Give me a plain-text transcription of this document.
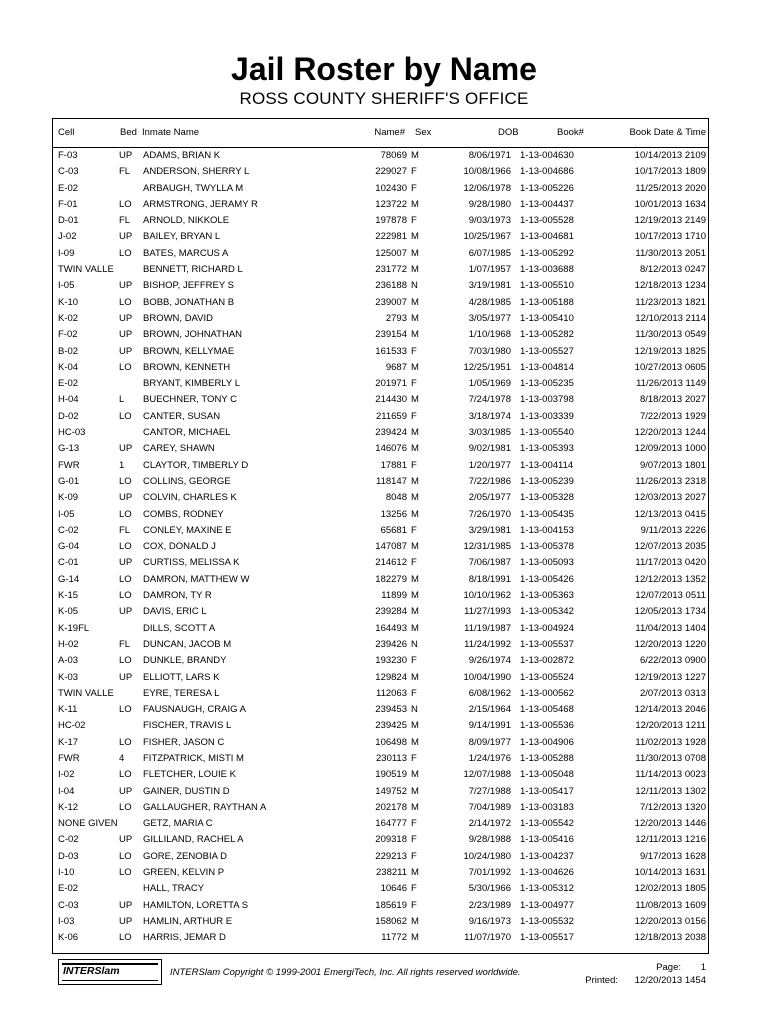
Jail Roster by Name
ROSS COUNTY SHERIFF'S OFFICE
Cell	Bed Inmate Name	Name# Sex	DOB	Book#	Book Date & Time
F-03	UP ADAMS, BRIAN K	78069 M	8/06/1971 1-13-004630	10/14/2013 2109
C-03	FL ANDERSON, SHERRY L	229027 F	10/08/1966 1-13-004686	10/17/2013 1809
E-02	ARBAUGH, TWYLLA M	102430 F	12/06/1978 1-13-005226	11/25/2013 2020
F-01	LO ARMSTRONG, JERAMY R	123722 M	9/28/1980 1-13-004437	10/01/2013 1634
D-01	FL ARNOLD, NIKKOLE	197878 F	9/03/1973 1-13-005528	12/19/2013 2149
J-02	UP BAILEY, BRYAN L	222981 M	10/25/1967 1-13-004681	10/17/2013 1710
I-09	LO BATES, MARCUS A	125007 M	6/07/1985 1-13-005292	11/30/2013 2051
TWIN VALLE	BENNETT, RICHARD L	231772 M	1/07/1957 1-13-003688	8/12/2013 0247
I-05	UP BISHOP, JEFFREY S	236188 N	3/19/1981 1-13-005510	12/18/2013 1234
K-10	LO BOBB, JONATHAN B	239007 M	4/28/1985 1-13-005188	11/23/2013 1821
K-02	UP BROWN, DAVID	2793 M	3/05/1977 1-13-005410	12/10/2013 2114
F-02	UP BROWN, JOHNATHAN	239154 M	1/10/1968 1-13-005282	11/30/2013 0549
B-02	UP BROWN, KELLYMAE	161533 F	7/03/1980 1-13-005527	12/19/2013 1825
K-04	LO BROWN, KENNETH	9687 M	12/25/1951 1-13-004814	10/27/2013 0605
E-02	BRYANT, KIMBERLY L	201971 F	1/05/1969 1-13-005235	11/26/2013 1149
H-04	L BUECHNER, TONY C	214430 M	7/24/1978 1-13-003798	8/18/2013 2027
D-02	LO CANTER, SUSAN	211659 F	3/18/1974 1-13-003339	7/22/2013 1929
HC-03	CANTOR, MICHAEL	239424 M	3/03/1985 1-13-005540	12/20/2013 1244
G-13	UP CAREY, SHAWN	146076 M	9/02/1981 1-13-005393	12/09/2013 1000
FWR	1 CLAYTOR, TIMBERLY D	17881 F	1/20/1977 1-13-004114	9/07/2013 1801
G-01	LO COLLINS, GEORGE	118147 M	7/22/1986 1-13-005239	11/26/2013 2318
K-09	UP COLVIN, CHARLES K	8048 M	2/05/1977 1-13-005328	12/03/2013 2027
I-05	LO COMBS, RODNEY	13256 M	7/26/1970 1-13-005435	12/13/2013 0415
C-02	FL CONLEY, MAXINE E	65681 F	3/29/1981 1-13-004153	9/11/2013 2226
G-04	LO COX, DONALD J	147087 M	12/31/1985 1-13-005378	12/07/2013 2035
C-01	UP CURTISS, MELISSA K	214612 F	7/06/1987 1-13-005093	11/17/2013 0420
G-14	LO DAMRON, MATTHEW W	182279 M	8/18/1991 1-13-005426	12/12/2013 1352
K-15	LO DAMRON, TY R	11899 M	10/10/1962 1-13-005363	12/07/2013 0511
K-05	UP DAVIS, ERIC L	239284 M	11/27/1993 1-13-005342	12/05/2013 1734
K-19FL	DILLS, SCOTT A	164493 M	11/19/1987 1-13-004924	11/04/2013 1404
H-02	FL DUNCAN, JACOB M	239426 N	11/24/1992 1-13-005537	12/20/2013 1220
A-03	LO DUNKLE, BRANDY	193230 F	9/26/1974 1-13-002872	6/22/2013 0900
K-03	UP ELLIOTT, LARS K	129824 M	10/04/1990 1-13-005524	12/19/2013 1227
TWIN VALLE	EYRE, TERESA L	112063 F	6/08/1962 1-13-000562	2/07/2013 0313
K-11	LO FAUSNAUGH, CRAIG A	239453 N	2/15/1964 1-13-005468	12/14/2013 2046
HC-02	FISCHER, TRAVIS L	239425 M	9/14/1991 1-13-005536	12/20/2013 1211
K-17	LO FISHER, JASON C	106498 M	8/09/1977 1-13-004906	11/02/2013 1928
FWR	4 FITZPATRICK, MISTI M	230113 F	1/24/1976 1-13-005288	11/30/2013 0708
I-02	LO FLETCHER, LOUIE K	190519 M	12/07/1988 1-13-005048	11/14/2013 0023
I-04	UP GAINER, DUSTIN D	149752 M	7/27/1988 1-13-005417	12/11/2013 1302
K-12	LO GALLAUGHER, RAYTHAN A	202178 M	7/04/1989 1-13-003183	7/12/2013 1320
NONE GIVEN	GETZ, MARIA C	164777 F	2/14/1972 1-13-005542	12/20/2013 1446
C-02	UP GILLILAND, RACHEL A	209318 F	9/28/1988 1-13-005416	12/11/2013 1216
D-03	LO GORE, ZENOBIA D	229213 F	10/24/1980 1-13-004237	9/17/2013 1628
I-10	LO GREEN, KELVIN P	238211 M	7/01/1992 1-13-004626	10/14/2013 1631
E-02	HALL, TRACY	10646 F	5/30/1966 1-13-005312	12/02/2013 1805
C-03	UP HAMILTON, LORETTA S	185619 F	2/23/1989 1-13-004977	11/08/2013 1609
I-03	UP HAMLIN, ARTHUR E	158062 M	9/16/1973 1-13-005532	12/20/2013 0156
K-06	LO HARRIS, JEMAR D	11772 M	11/07/1970 1-13-005517	12/18/2013 2038
INTERSlam	INTERSlam Copyright © 1999-2001 EmergiTech, Inc. All rights reserved worldwide.	Page: 1
Printed: 12/20/2013 1454
